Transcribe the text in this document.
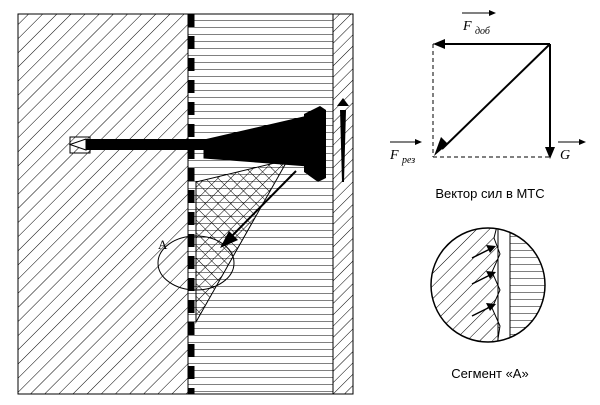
A
F доб
F рез	G
Вектор сил в МТС
Сегмент «А»
